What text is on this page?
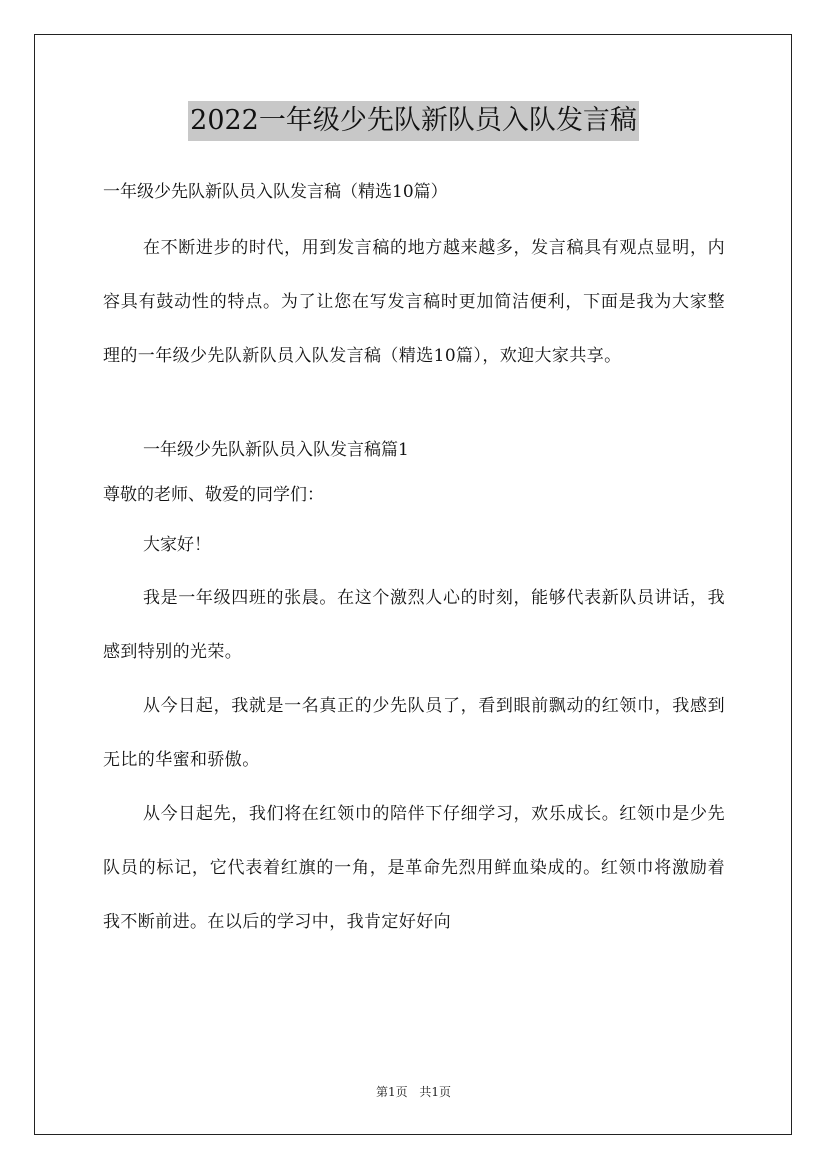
2022一年级少先队新队员入队发言稿
一年级少先队新队员入队发言稿（精选10篇）

在不断进步的时代，用到发言稿的地方越来越多，发言稿具有观点显明，内容具有鼓动性的特点。为了让您在写发言稿时更加简洁便利，下面是我为大家整理的一年级少先队新队员入队发言稿（精选10篇），欢迎大家共享。

一年级少先队新队员入队发言稿篇1
尊敬的老师、敬爱的同学们：
大家好！

我是一年级四班的张晨。在这个激烈人心的时刻，能够代表新队员讲话，我感到特别的光荣。

从今日起，我就是一名真正的少先队员了，看到眼前飘动的红领巾，我感到无比的华蜜和骄傲。

从今日起先，我们将在红领巾的陪伴下仔细学习，欢乐成长。红领巾是少先队员的标记，它代表着红旗的一角，是革命先烈用鲜血染成的。红领巾将激励着我不断前进。在以后的学习中，我肯定好好向

第1页 共1页
